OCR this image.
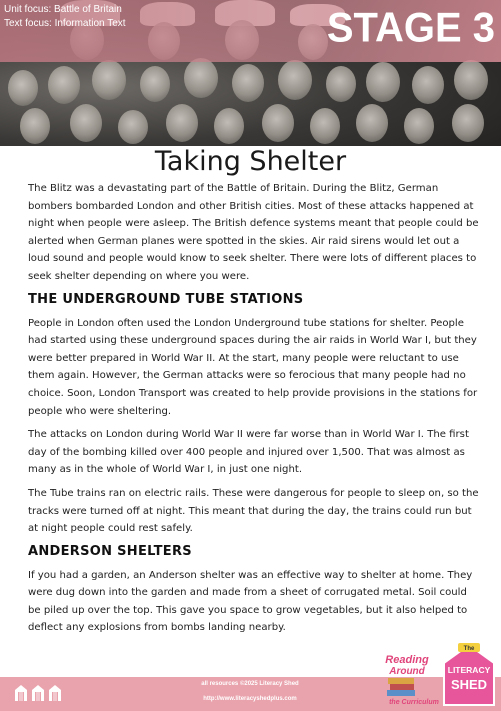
Unit focus: Battle of Britain
Text focus: Information Text	STAGE 3
Taking Shelter

The Blitz was a devastating part of the Battle of Britain. During the Blitz, German bombers bombarded London and other British cities. Most of these attacks happened at night when people were asleep. The British defence systems meant that people could be alerted when German planes were spotted in the skies. Air raid sirens would let out a loud sound and people would know to seek shelter. There were lots of different places to seek shelter depending on where you were.

THE UNDERGROUND TUBE STATIONS

People in London often used the London Underground tube stations for shelter. People had started using these underground spaces during the air raids in World War I, but they were better prepared in World War II. At the start, many people were reluctant to use them again. However, the German attacks were so ferocious that many people had no choice. Soon, London Transport was created to help provide provisions in the stations for people who were sheltering.

The attacks on London during World War II were far worse than in World War I. The first day of the bombing killed over 400 people and injured over 1,500. That was almost as many as in the whole of World War I, in just one night.

The Tube trains ran on electric rails. These were dangerous for people to sleep on, so the tracks were turned off at night. This meant that during the day, the trains could run but at night people could rest safely.

ANDERSON SHELTERS

If you had a garden, an Anderson shelter was an effective way to shelter at home. They were dug down into the garden and made from a sheet of corrugated metal. Soil could be piled up over the top. This gave you space to grow vegetables, but it also helped to deflect any explosions from bombs landing nearby.

all resources ©2025 Literacy Shed
http://www.literacyshedplus.com
Reading
Around
the Curriculum
The
LITERACY
SHED
